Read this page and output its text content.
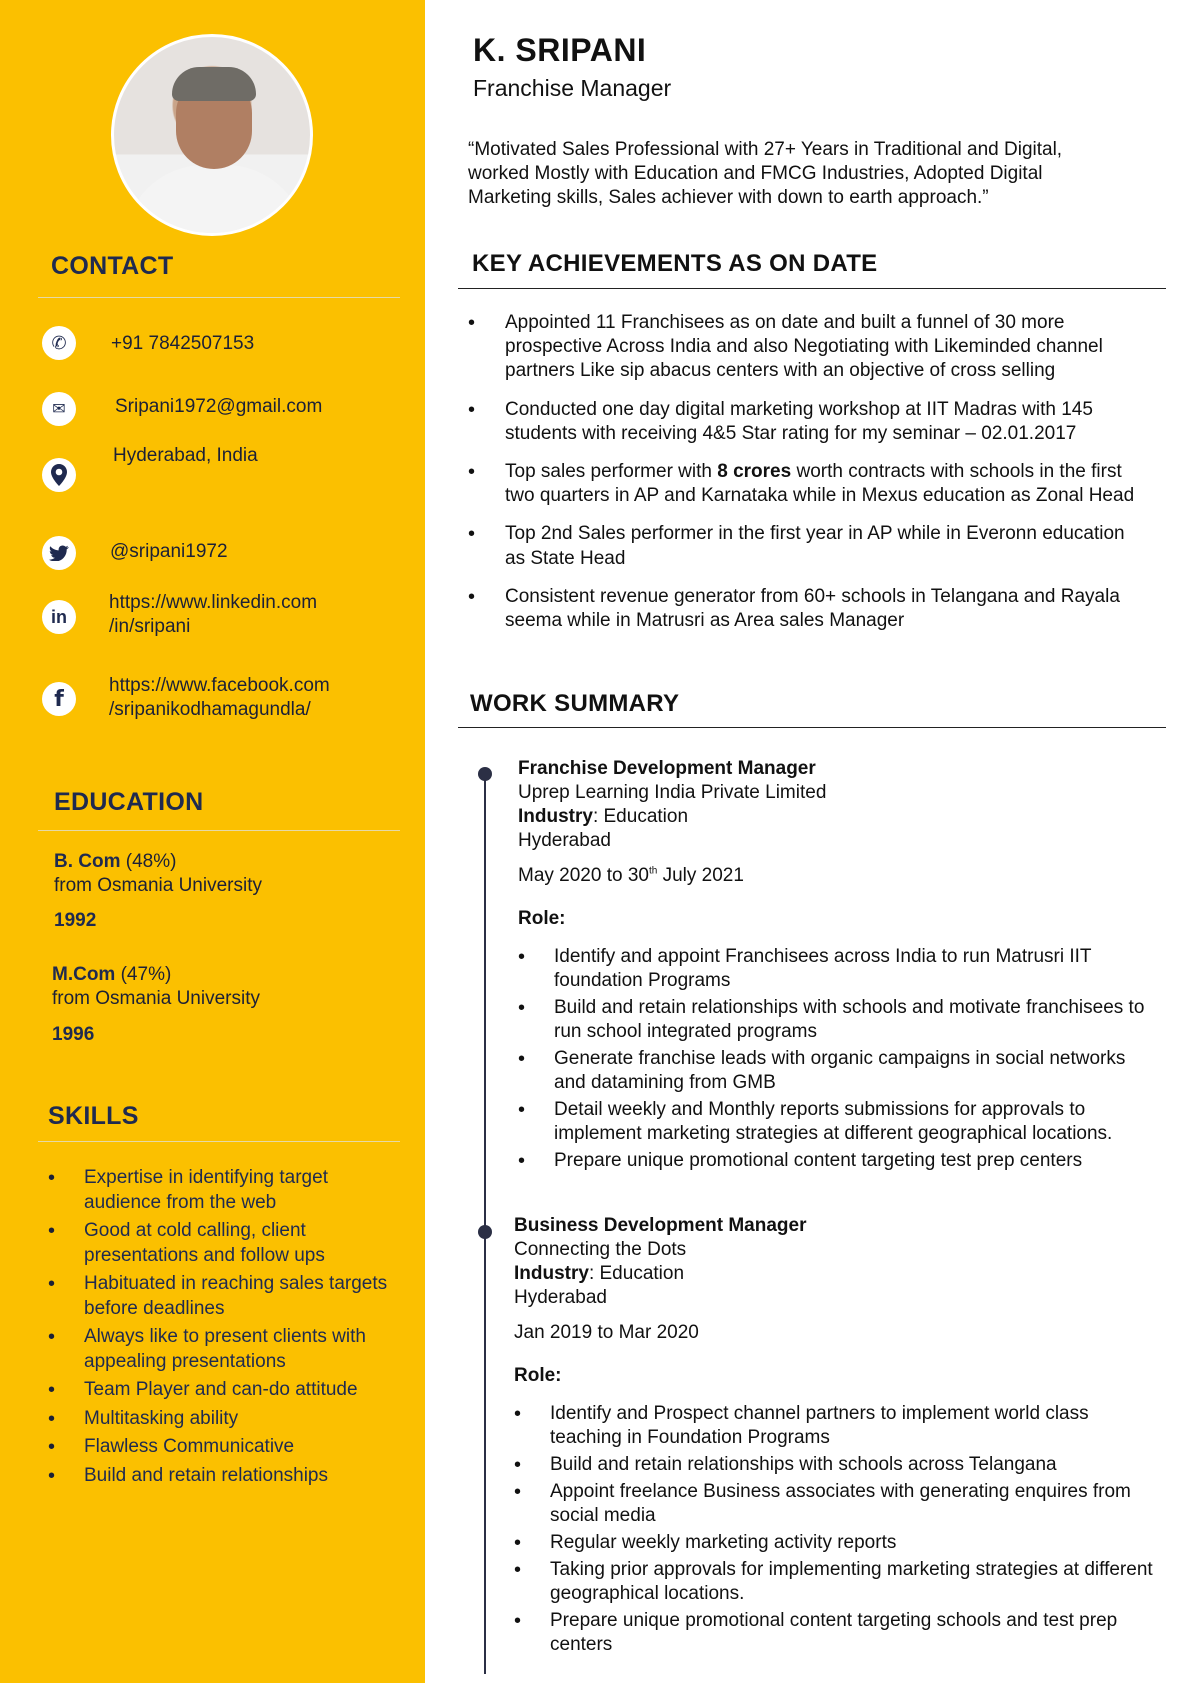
CONTACT
✆	+91 7842507153
✉	Sripani1972@gmail.com
Hyderabad, India
@sripani1972
in
https://www.linkedin.com
/in/sripani
f
https://www.facebook.com
/sripanikodhamagundla/
EDUCATION
B. Com (48%)
from Osmania University
1992
M.Com (47%)
from Osmania University
1996
SKILLS
• Expertise in identifying target audience from the web
• Good at cold calling, client presentations and follow ups
• Habituated in reaching sales targets before deadlines
• Always like to present clients with appealing presentations
• Team Player and can-do attitude
• Multitasking ability
• Flawless Communicative
• Build and retain relationships
K. SRIPANI
Franchise Manager
“Motivated Sales Professional with 27+ Years in Traditional and Digital, worked Mostly with Education and FMCG Industries, Adopted Digital Marketing skills, Sales achiever with down to earth approach.”
KEY ACHIEVEMENTS AS ON DATE
• Appointed 11 Franchisees as on date and built a funnel of 30 more prospective Across India and also Negotiating with Likeminded channel partners Like sip abacus centers with an objective of cross selling
• Conducted one day digital marketing workshop at IIT Madras with 145 students with receiving 4&5 Star rating for my seminar – 02.01.2017
• Top sales performer with 8 crores worth contracts with schools in the first two quarters in AP and Karnataka while in Mexus education as Zonal Head
• Top 2nd Sales performer in the first year in AP while in Everonn education as State Head
• Consistent revenue generator from 60+ schools in Telangana and Rayala seema while in Matrusri as Area sales Manager
WORK SUMMARY
Franchise Development Manager
Uprep Learning India Private Limited
Industry: Education
Hyderabad
May 2020 to 30th July 2021
Role:
• Identify and appoint Franchisees across India to run Matrusri IIT foundation Programs
• Build and retain relationships with schools and motivate franchisees to run school integrated programs
• Generate franchise leads with organic campaigns in social networks and datamining from GMB
• Detail weekly and Monthly reports submissions for approvals to implement marketing strategies at different geographical locations.
• Prepare unique promotional content targeting test prep centers
Business Development Manager
Connecting the Dots
Industry: Education
Hyderabad
Jan 2019 to Mar 2020
Role:
• Identify and Prospect channel partners to implement world class teaching in Foundation Programs
• Build and retain relationships with schools across Telangana
• Appoint freelance Business associates with generating enquires from social media
• Regular weekly marketing activity reports
• Taking prior approvals for implementing marketing strategies at different geographical locations.
• Prepare unique promotional content targeting schools and test prep centers
